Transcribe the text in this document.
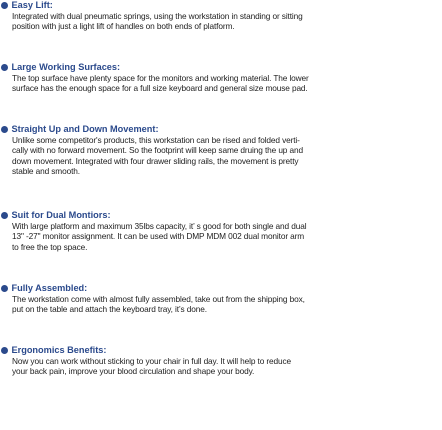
Easy Lift:
Integrated with dual pneumatic springs, using the workstation in standing or sitting
position with just a light lift of handles on both ends of platform.
Large Working Surfaces:
The top surface have plenty space for the monitors and working material. The lower
surface has the enough space for a full size keyboard and general size mouse pad.
Straight Up and Down Movement:
Unlike some competitor's products, this workstation can be rised and folded verti-
cally with no forward movement. So the footprint will keep same druing the up and
down movement. Integrated with four drawer sliding rails, the movement is pretty
stable and smooth.
Suit for Dual Montiors:
With large platform and maximum 35lbs capacity, it’ s good for both single and dual
13" -27" monitor assignment. It can be used with DMP MDM 002 dual monitor arm
to free the top space.
Fully Assembled:
The workstation come with almost fully assembled, take out from the shipping box,
put on the table and attach the keyboard tray, it’s done.
Ergonomics Benefits:
Now you can work without sticking to your chair in full day. It will help to reduce
your back pain, improve your blood circulation and shape your body.
